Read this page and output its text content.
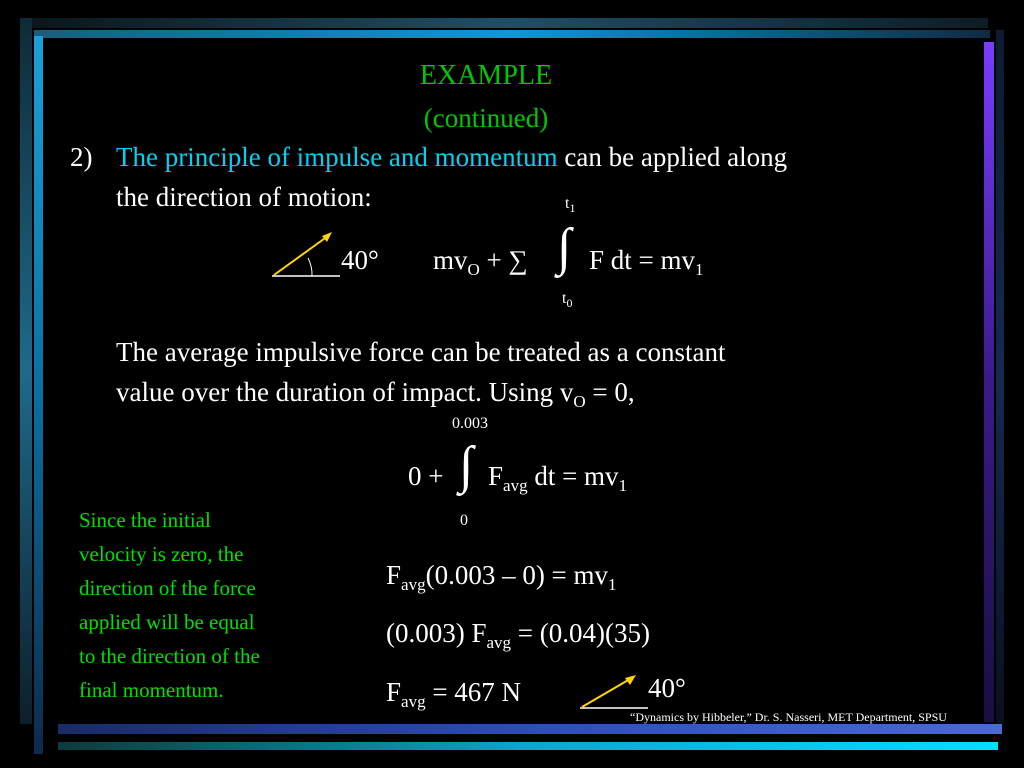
EXAMPLE
(continued)
2) The principle of impulse and momentum can be applied along
the direction of motion:
40°
$t_1$
$mv_O$ + ∑ ∫ F dt = $mv_1$
$t_0$
The average impulsive force can be treated as a constant
value over the duration of impact. Using $v_O = 0$,
0.003
0 + ∫ $F_{avg}$ dt = $mv_1$
0
Since the initial
velocity is zero, the
direction of the force
applied will be equal
to the direction of the
final momentum.
$F_{avg}(0.003 - 0) = mv_1$
(0.003) $F_{avg} = (0.04)(35)$
$F_{avg} = 467$ N	40°
“Dynamics by Hibbeler,” Dr. S. Nasseri, MET Department, SPSU
